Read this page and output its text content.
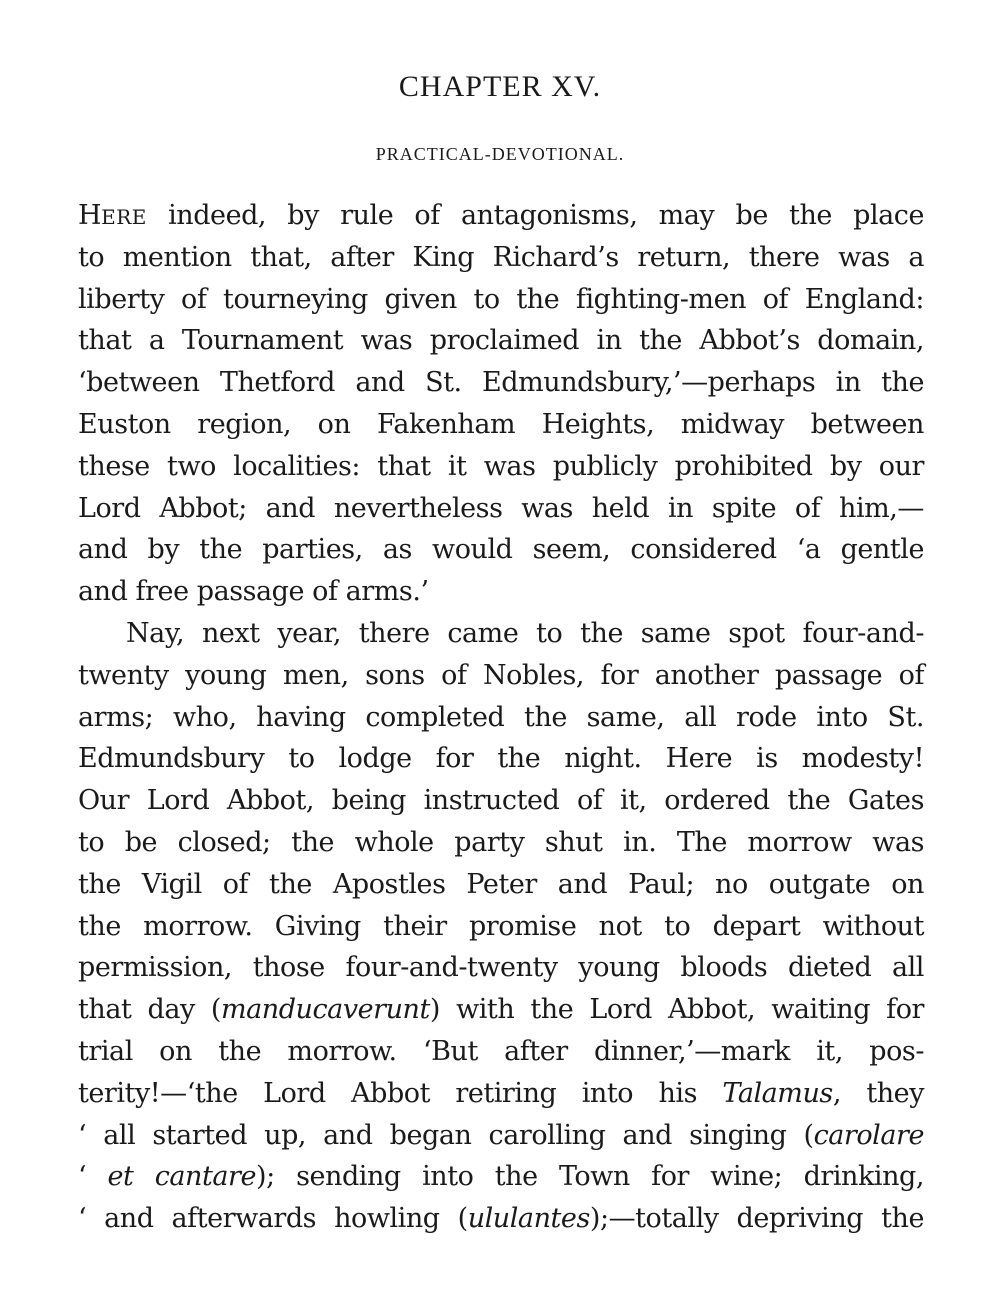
CHAPTER XV.
PRACTICAL-DEVOTIONAL.
HERE indeed, by rule of antagonisms, may be the place
to mention that, after King Richard’s return, there was a
liberty of tourneying given to the fighting-men of England:
that a Tournament was proclaimed in the Abbot’s domain,
‘between Thetford and St. Edmundsbury,’—perhaps in the
Euston region, on Fakenham Heights, midway between
these two localities: that it was publicly prohibited by our
Lord Abbot; and nevertheless was held in spite of him,—
and by the parties, as would seem, considered ‘a gentle
and free passage of arms.’
Nay, next year, there came to the same spot four-and-
twenty young men, sons of Nobles, for another passage of
arms; who, having completed the same, all rode into St.
Edmundsbury to lodge for the night. Here is modesty!
Our Lord Abbot, being instructed of it, ordered the Gates
to be closed; the whole party shut in. The morrow was
the Vigil of the Apostles Peter and Paul; no outgate on
the morrow. Giving their promise not to depart without
permission, those four-and-twenty young bloods dieted all
that day (manducaverunt) with the Lord Abbot, waiting for
trial on the morrow. ‘But after dinner,’—mark it, pos-
terity!—‘the Lord Abbot retiring into his Talamus, they
‘ all started up, and began carolling and singing (carolare
‘ et cantare); sending into the Town for wine; drinking,
‘ and afterwards howling (ululantes);—totally depriving the
